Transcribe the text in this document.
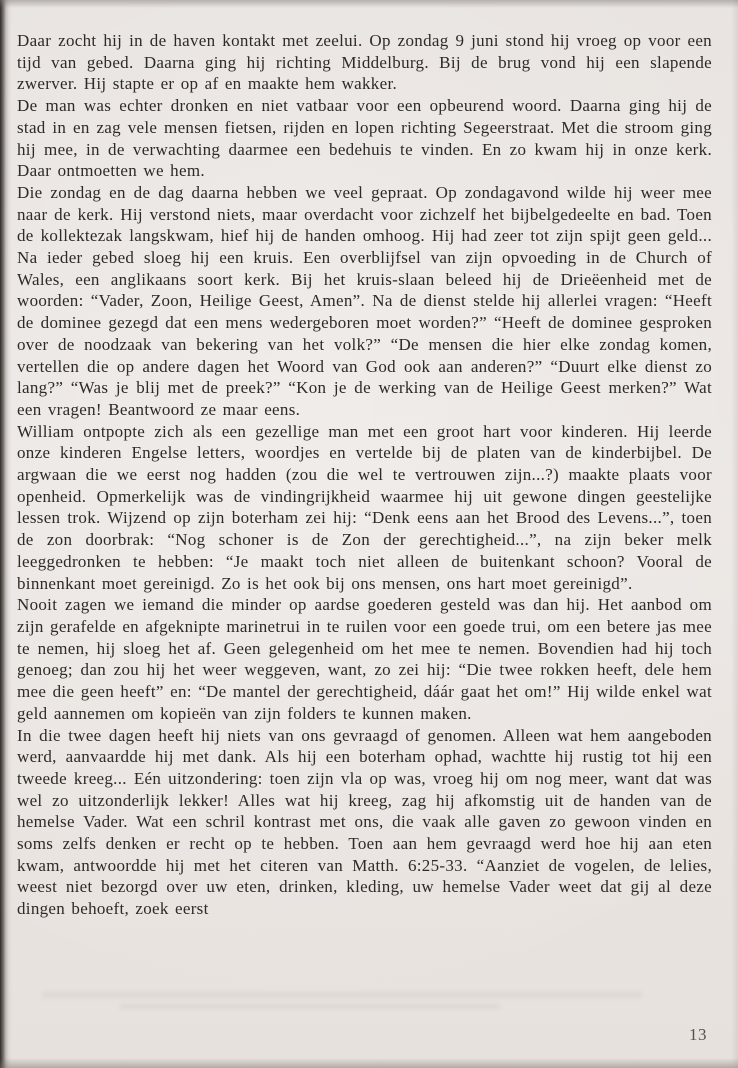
Daar zocht hij in de haven kontakt met zeelui. Op zondag 9 juni stond hij vroeg op voor een tijd van gebed. Daarna ging hij richting Middelburg. Bij de brug vond hij een slapende zwerver. Hij stapte er op af en maakte hem wakker.

De man was echter dronken en niet vatbaar voor een opbeurend woord. Daarna ging hij de stad in en zag vele mensen fietsen, rijden en lopen richting Segeerstraat. Met die stroom ging hij mee, in de verwachting daarmee een bedehuis te vinden. En zo kwam hij in onze kerk. Daar ontmoetten we hem.

Die zondag en de dag daarna hebben we veel gepraat. Op zondagavond wilde hij weer mee naar de kerk. Hij verstond niets, maar overdacht voor zichzelf het bijbelgedeelte en bad. Toen de kollektezak langskwam, hief hij de handen omhoog. Hij had zeer tot zijn spijt geen geld... Na ieder gebed sloeg hij een kruis. Een overblijfsel van zijn opvoeding in de Church of Wales, een anglikaans soort kerk. Bij het kruis-slaan beleed hij de Drieëenheid met de woorden: “Vader, Zoon, Heilige Geest, Amen”. Na de dienst stelde hij allerlei vragen: “Heeft de dominee gezegd dat een mens wedergeboren moet worden?” “Heeft de dominee gesproken over de noodzaak van bekering van het volk?” “De mensen die hier elke zondag komen, vertellen die op andere dagen het Woord van God ook aan anderen?” “Duurt elke dienst zo lang?” “Was je blij met de preek?” “Kon je de werking van de Heilige Geest merken?” Wat een vragen! Beantwoord ze maar eens.

William ontpopte zich als een gezellige man met een groot hart voor kinderen. Hij leerde onze kinderen Engelse letters, woordjes en vertelde bij de platen van de kinderbijbel. De argwaan die we eerst nog hadden (zou die wel te vertrouwen zijn...?) maakte plaats voor openheid. Opmerkelijk was de vindingrijkheid waarmee hij uit gewone dingen geestelijke lessen trok. Wijzend op zijn boterham zei hij: “Denk eens aan het Brood des Levens...”, toen de zon doorbrak: “Nog schoner is de Zon der gerechtigheid...”, na zijn beker melk leeggedronken te hebben: “Je maakt toch niet alleen de buitenkant schoon? Vooral de binnenkant moet gereinigd. Zo is het ook bij ons mensen, ons hart moet gereinigd”.

Nooit zagen we iemand die minder op aardse goederen gesteld was dan hij. Het aanbod om zijn gerafelde en afgeknipte marinetrui in te ruilen voor een goede trui, om een betere jas mee te nemen, hij sloeg het af. Geen gelegenheid om het mee te nemen. Bovendien had hij toch genoeg; dan zou hij het weer weggeven, want, zo zei hij: “Die twee rokken heeft, dele hem mee die geen heeft” en: “De mantel der gerechtigheid, dáár gaat het om!” Hij wilde enkel wat geld aannemen om kopieën van zijn folders te kunnen maken.

In die twee dagen heeft hij niets van ons gevraagd of genomen. Alleen wat hem aangeboden werd, aanvaardde hij met dank. Als hij een boterham ophad, wachtte hij rustig tot hij een tweede kreeg... Eén uitzondering: toen zijn vla op was, vroeg hij om nog meer, want dat was wel zo uitzonderlijk lekker! Alles wat hij kreeg, zag hij afkomstig uit de handen van de hemelse Vader. Wat een schril kontrast met ons, die vaak alle gaven zo gewoon vinden en soms zelfs denken er recht op te hebben. Toen aan hem gevraagd werd hoe hij aan eten kwam, antwoordde hij met het citeren van Matth. 6:25-33. “Aanziet de vogelen, de lelies, weest niet bezorgd over uw eten, drinken, kleding, uw hemelse Vader weet dat gij al deze dingen behoeft, zoek eerst

13
